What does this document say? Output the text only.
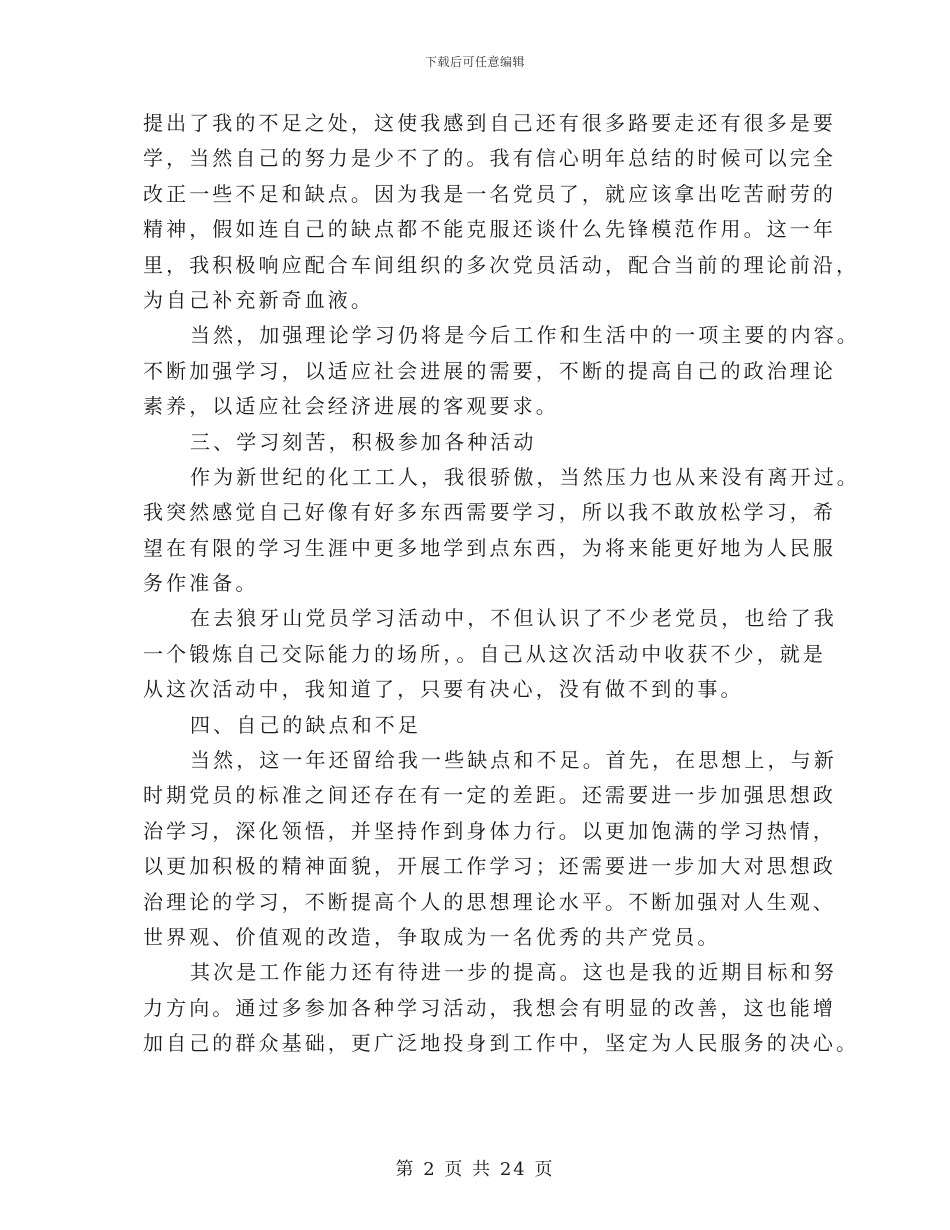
下载后可任意编辑
提出了我的不足之处，这使我感到自己还有很多路要走还有很多是要
学，当然自己的努力是少不了的。我有信心明年总结的时候可以完全
改正一些不足和缺点。因为我是一名党员了，就应该拿出吃苦耐劳的
精神，假如连自己的缺点都不能克服还谈什么先锋模范作用。这一年
里，我积极响应配合车间组织的多次党员活动，配合当前的理论前沿，
为自己补充新奇血液。
当然，加强理论学习仍将是今后工作和生活中的一项主要的内容。
不断加强学习，以适应社会进展的需要，不断的提高自己的政治理论
素养，以适应社会经济进展的客观要求。
三、学习刻苦，积极参加各种活动
作为新世纪的化工工人，我很骄傲，当然压力也从来没有离开过。
我突然感觉自己好像有好多东西需要学习，所以我不敢放松学习，希
望在有限的学习生涯中更多地学到点东西，为将来能更好地为人民服
务作准备。
在去狼牙山党员学习活动中，不但认识了不少老党员，也给了我
一个锻炼自己交际能力的场所，。自己从这次活动中收获不少，就是
从这次活动中，我知道了，只要有决心，没有做不到的事。
四、自己的缺点和不足
当然，这一年还留给我一些缺点和不足。首先，在思想上，与新
时期党员的标准之间还存在有一定的差距。还需要进一步加强思想政
治学习，深化领悟，并坚持作到身体力行。以更加饱满的学习热情，
以更加积极的精神面貌，开展工作学习；还需要进一步加大对思想政
治理论的学习，不断提高个人的思想理论水平。不断加强对人生观、
世界观、价值观的改造，争取成为一名优秀的共产党员。
其次是工作能力还有待进一步的提高。这也是我的近期目标和努
力方向。通过多参加各种学习活动，我想会有明显的改善，这也能增
加自己的群众基础，更广泛地投身到工作中，坚定为人民服务的决心。
第 2 页 共 24 页
